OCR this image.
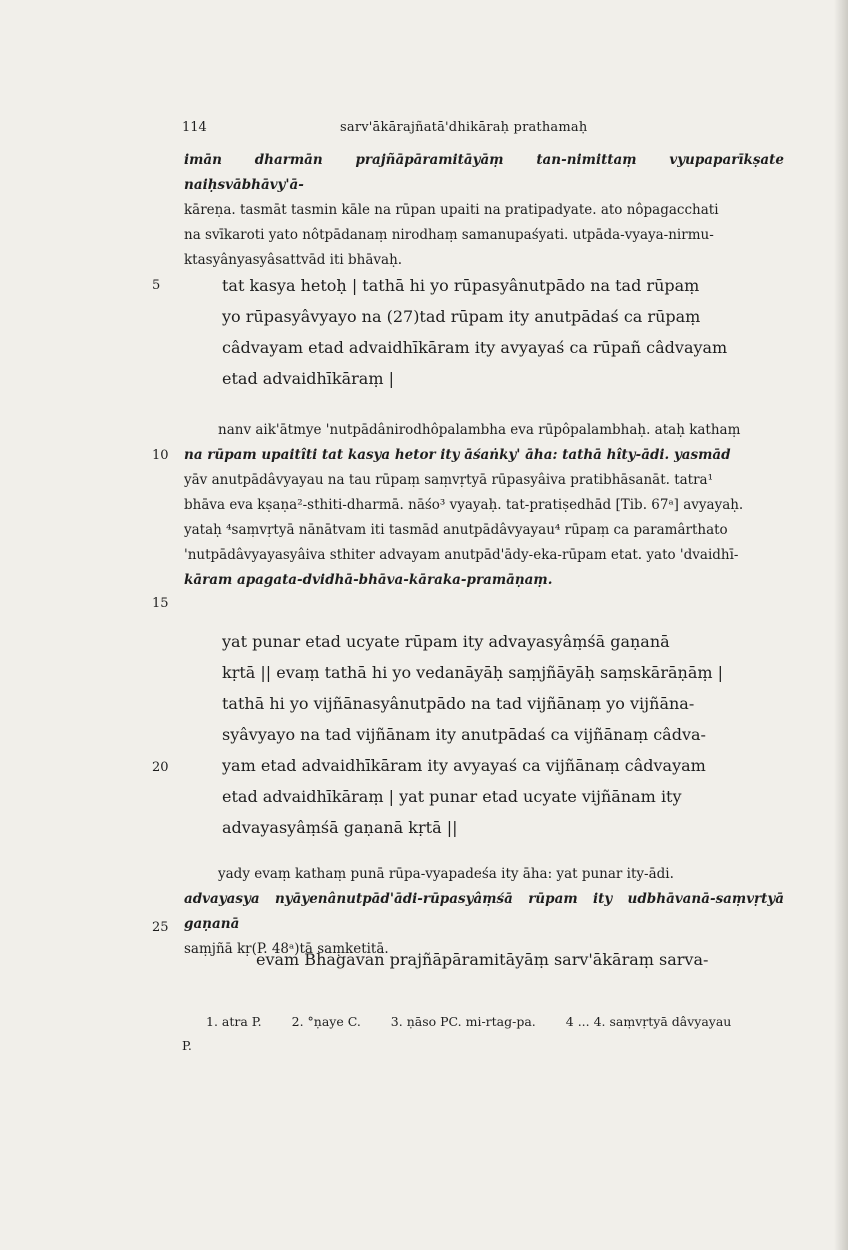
114	sarv'ākārajñatā'dhikāraḥ prathamaḥ

imān dharmān prajñāpāramitāyāṃ tan-nimittaṃ vyupaparīkṣate naiḥsvābhāvy'ā-

kāreṇa. tasmāt tasmin kāle na rūpan upaiti na pratipadyate. ato nôpagacchati

na svīkaroti yato nôtpādanaṃ nirodhaṃ samanupaśyati. utpāda-vyaya-nirmu-

ktasyânyasyâsattvād iti bhāvaḥ.

5	tat kasya hetoḥ | tathā hi yo rūpasyânutpādo na tad rūpaṃ

yo rūpasyâvyayo na (27)tad rūpam ity anutpādaś ca rūpaṃ

câdvayam etad advaidhīkāram ity avyayaś ca rūpañ câdvayam

etad advaidhīkāraṃ |

nanv aik'ātmye 'nutpādânirodhôpalambha eva rūpôpalambhaḥ. ataḥ kathaṃ

na rūpam upaitîti tat kasya hetor ity āśaṅky' āha: tathā hîty-ādi. yasmād

yāv anutpādâvyayau na tau rūpaṃ saṃvṛtyā rūpasyâiva pratibhāsanāt. tatra¹

bhāva eva kṣaṇa²-sthiti-dharmā. nāśo³ vyayaḥ. tat-pratiṣedhād [Tib. 67ᵃ] avyayaḥ.

yataḥ ⁴saṃvṛtyā nānātvam iti tasmād anutpādâvyayau⁴ rūpaṃ ca paramârthato

'nutpādâvyayasyâiva sthiter advayam anutpād'ādy-eka-rūpam etat. yato 'dvaidhī-

kāram apagata-dvidhā-bhāva-kāraka-pramāṇaṃ.

10
15

yat punar etad ucyate rūpam ity advayasyâṃśā gaṇanā

kṛtā || evaṃ tathā hi yo vedanāyāḥ saṃjñāyāḥ saṃskārāṇāṃ |

tathā hi yo vijñānasyânutpādo na tad vijñānaṃ yo vijñāna-

syâvyayo na tad vijñānam ity anutpādaś ca vijñānaṃ câdva-

yam etad advaidhīkāram ity avyayaś ca vijñānaṃ câdvayam

etad advaidhīkāraṃ | yat punar etad ucyate vijñānam ity

advayasyâṃśā gaṇanā kṛtā ||

20

yady evaṃ kathaṃ punā rūpa-vyapadeśa ity āha: yat punar ity-ādi.

advayasya nyāyenânutpād'ādi-rūpasyâṃśā rūpam ity udbhāvanā-saṃvṛtyā gaṇanā

saṃjñā kṛ(P. 48ᵃ)tā saṃketitā.

25

evam Bhagavan prajñāpāramitāyāṃ sarv'ākāraṃ sarva-

1. atra P. 2. °ṇaye C. 3. ṇāso PC. mi-rtag-pa. 4 ... 4. saṃvṛtyā dâvyayau
P.
